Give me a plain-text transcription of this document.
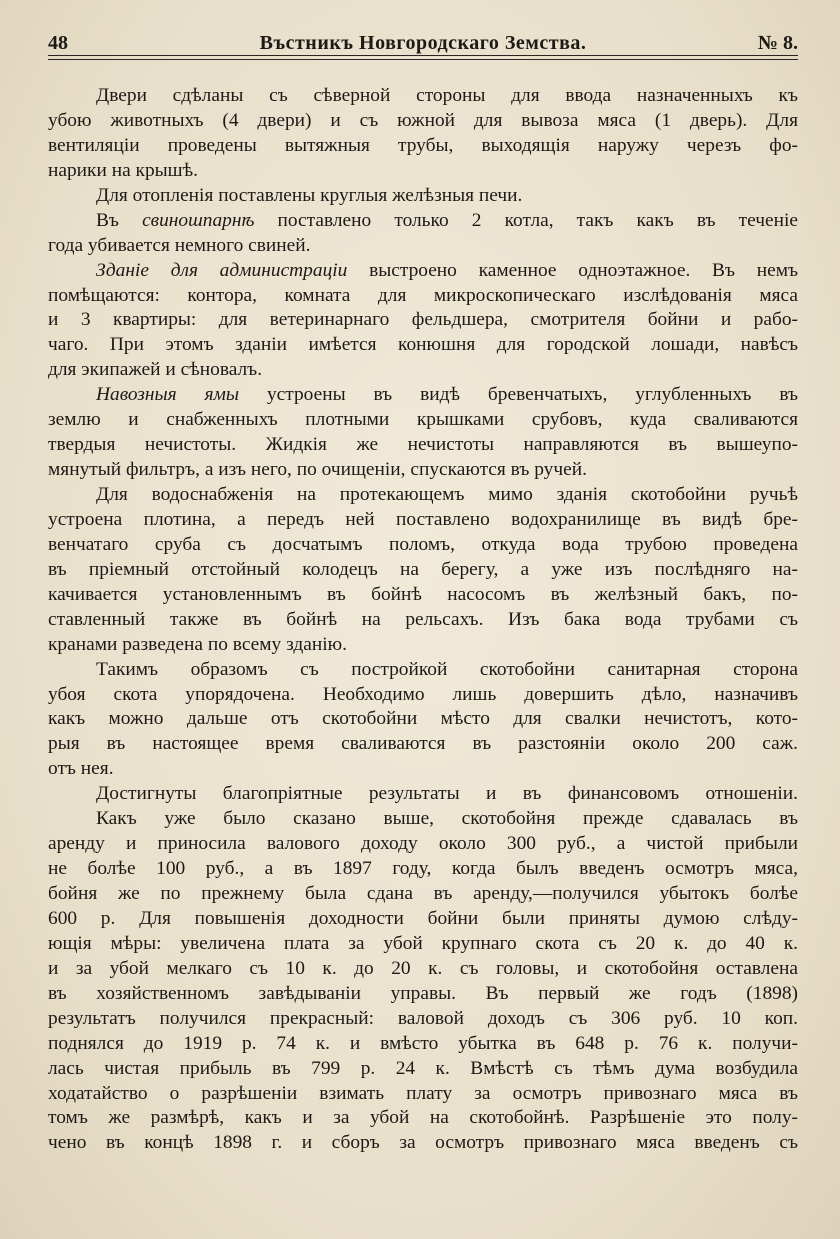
48	Въстникъ Новгородскаго Земства.	№ 8.
Двери сдѣланы съ сѣверной стороны для ввода назначенныхъ къ
убою животныхъ (4 двери) и съ южной для вывоза мяса (1 дверь). Для
вентиляціи проведены вытяжныя трубы, выходящія наружу черезъ фо-
нарики на крышѣ.
Для отопленія поставлены круглыя желѣзныя печи.
Въ свиношпарнѣ поставлено только 2 котла, такъ какъ въ теченіе
года убивается немного свиней.
Зданіе для администраціи выстроено каменное одноэтажное. Въ немъ
помѣщаются: контора, комната для микроскопическаго изслѣдованія мяса
и 3 квартиры: для ветеринарнаго фельдшера, смотрителя бойни и рабо-
чаго. При этомъ зданіи имѣется конюшня для городской лошади, навѣсъ
для экипажей и сѣновалъ.
Навозныя ямы устроены въ видѣ бревенчатыхъ, углубленныхъ въ
землю и снабженныхъ плотными крышками срубовъ, куда сваливаются
твердыя нечистоты. Жидкія же нечистоты направляются въ вышеупо-
мянутый фильтръ, а изъ него, по очищеніи, спускаются въ ручей.
Для водоснабженія на протекающемъ мимо зданія скотобойни ручьѣ
устроена плотина, а передъ ней поставлено водохранилище въ видѣ бре-
венчатаго сруба съ досчатымъ поломъ, откуда вода трубою проведена
въ пріемный отстойный колодецъ на берегу, а уже изъ послѣдняго на-
качивается установленнымъ въ бойнѣ насосомъ въ желѣзный бакъ, по-
ставленный также въ бойнѣ на рельсахъ. Изъ бака вода трубами съ
кранами разведена по всему зданію.
Такимъ образомъ съ постройкой скотобойни санитарная сторона
убоя скота упорядочена. Необходимо лишь довершить дѣло, назначивъ
какъ можно дальше отъ скотобойни мѣсто для свалки нечистотъ, кото-
рыя въ настоящее время сваливаются въ разстояніи около 200 саж.
отъ нея.
Достигнуты благопріятные результаты и въ финансовомъ отношеніи.
Какъ уже было сказано выше, скотобойня прежде сдавалась въ
аренду и приносила валового доходу около 300 руб., а чистой прибыли
не болѣе 100 руб., а въ 1897 году, когда былъ введенъ осмотръ мяса,
бойня же по прежнему была сдана въ аренду,—получился убытокъ болѣе
600 р. Для повышенія доходности бойни были приняты думою слѣду-
ющія мѣры: увеличена плата за убой крупнаго скота съ 20 к. до 40 к.
и за убой мелкаго съ 10 к. до 20 к. съ головы, и скотобойня оставлена
въ хозяйственномъ завѣдываніи управы. Въ первый же годъ (1898)
результатъ получился прекрасный: валовой доходъ съ 306 руб. 10 коп.
поднялся до 1919 р. 74 к. и вмѣсто убытка въ 648 р. 76 к. получи-
лась чистая прибыль въ 799 р. 24 к. Вмѣстѣ съ тѣмъ дума возбудила
ходатайство о разрѣшеніи взимать плату за осмотръ привознаго мяса въ
томъ же размѣрѣ, какъ и за убой на скотобойнѣ. Разрѣшеніе это полу-
чено въ концѣ 1898 г. и сборъ за осмотръ привознаго мяса введенъ съ
